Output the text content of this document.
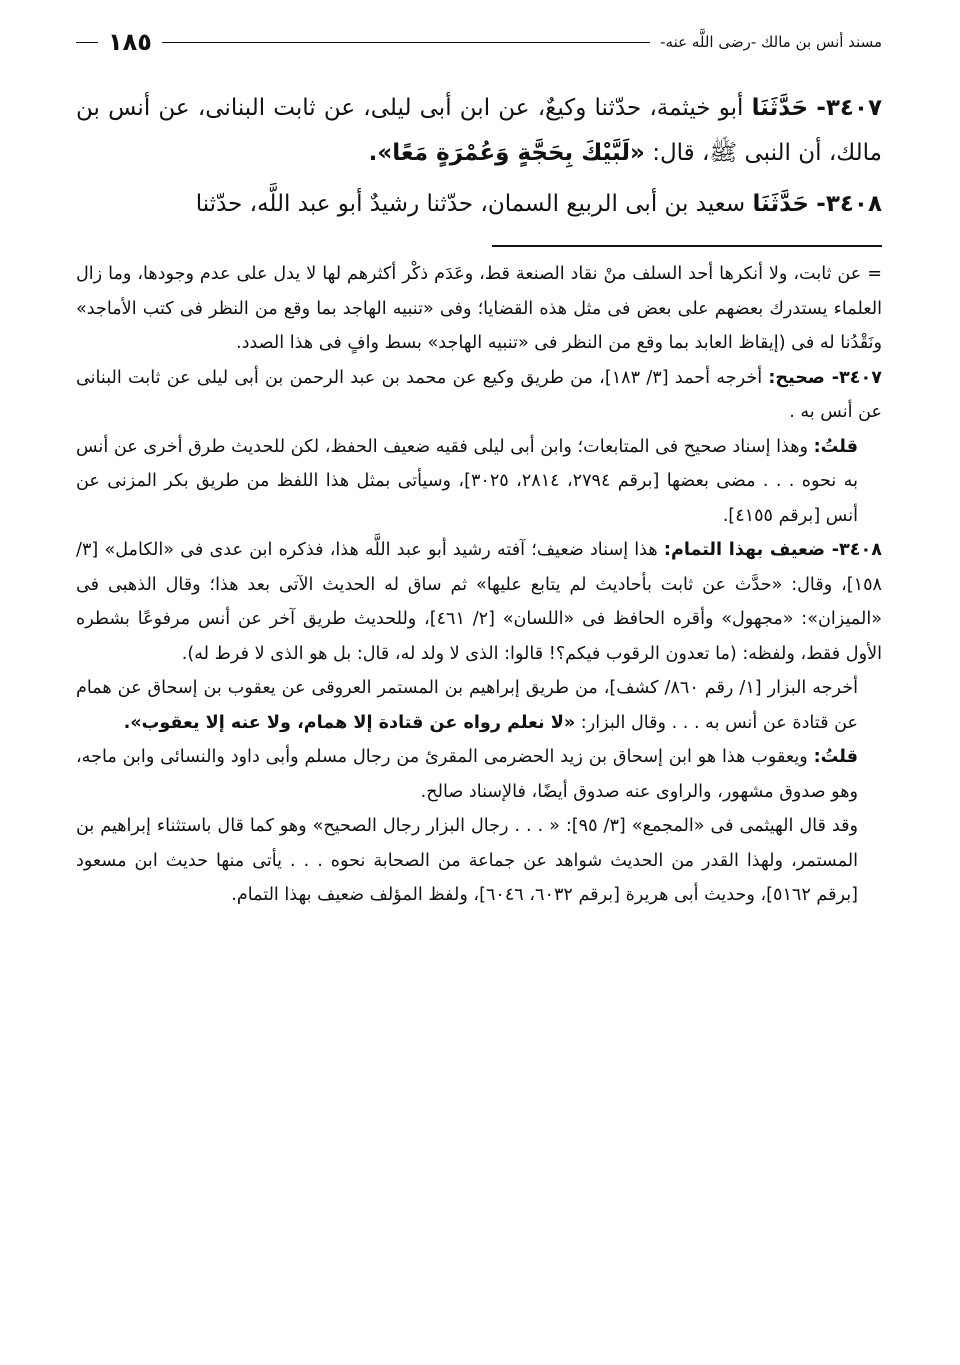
مسند أنس بن مالك -رضى اللَّه عنه-
١٨٥

٣٤٠٧- حَدَّثَنَا أبو خيثمة، حدّثنا وكيعٌ، عن ابن أبى ليلى، عن ثابت البنانى، عن أنس بن مالك، أن النبى ﷺ، قال: «لَبَّيْكَ بِحَجَّةٍ وَعُمْرَةٍ مَعًا».

٣٤٠٨- حَدَّثَنَا سعيد بن أبى الربيع السمان، حدّثنا رشيدٌ أبو عبد اللَّه، حدّثنا

= عن ثابت، ولا أنكرها أحد السلف منْ نقاد الصنعة قط، وعَدَم ذكْر أكثرهم لها لا يدل على عدم وجودها، وما زال العلماء يستدرك بعضهم على بعض فى مثل هذه القضايا؛ وفى «تنبيه الهاجد بما وقع من النظر فى كتب الأماجد» ونَقْدُنا له فى (إيقاظ العابد بما وقع من النظر فى «تنبيه الهاجد» بسط وافٍ فى هذا الصدد.

٣٤٠٧- صحيح: أخرجه أحمد [٣/ ١٨٣]، من طريق وكيع عن محمد بن عبد الرحمن بن أبى ليلى عن ثابت البنانى عن أنس به .

قلتُ: وهذا إسناد صحيح فى المتابعات؛ وابن أبى ليلى فقيه ضعيف الحفظ، لكن للحديث طرق أخرى عن أنس به نحوه . . . مضى بعضها [برقم ٢٧٩٤، ٢٨١٤، ٣٠٢٥]، وسيأتى بمثل هذا اللفظ من طريق بكر المزنى عن أنس [برقم ٤١٥٥].

٣٤٠٨- ضعيف بهذا التمام: هذا إسناد ضعيف؛ آفته رشيد أبو عبد اللَّه هذا، فذكره ابن عدى فى «الكامل» [٣/ ١٥٨]، وقال: «حدَّث عن ثابت بأحاديث لم يتابع عليها» ثم ساق له الحديث الآتى بعد هذا؛ وقال الذهبى فى «الميزان»: «مجهول» وأقره الحافظ فى «اللسان» [٢/ ٤٦١]، وللحديث طريق آخر عن أنس مرفوعًا بشطره الأول فقط، ولفظه: (ما تعدون الرقوب فيكم؟! قالوا: الذى لا ولد له، قال: بل هو الذى لا فرط له).

أخرجه البزار [١/ رقم ٨٦٠/ كشف]، من طريق إبراهيم بن المستمر العروقى عن يعقوب بن إسحاق عن همام عن قتادة عن أنس به . . . وقال البزار: «لا نعلم رواه عن قتادة إلا همام، ولا عنه إلا يعقوب».

قلتُ: ويعقوب هذا هو ابن إسحاق بن زيد الحضرمى المقرئ من رجال مسلم وأبى داود والنسائى وابن ماجه، وهو صدوق مشهور، والراوى عنه صدوق أيضًا، فالإسناد صالح.

وقد قال الهيثمى فى «المجمع» [٣/ ٩٥]: « . . . رجال البزار رجال الصحيح» وهو كما قال باستثناء إبراهيم بن المستمر، ولهذا القدر من الحديث شواهد عن جماعة من الصحابة نحوه . . . يأتى منها حديث ابن مسعود [برقم ٥١٦٢]، وحديث أبى هريرة [برقم ٦٠٣٢، ٦٠٤٦]، ولفظ المؤلف ضعيف بهذا التمام.
